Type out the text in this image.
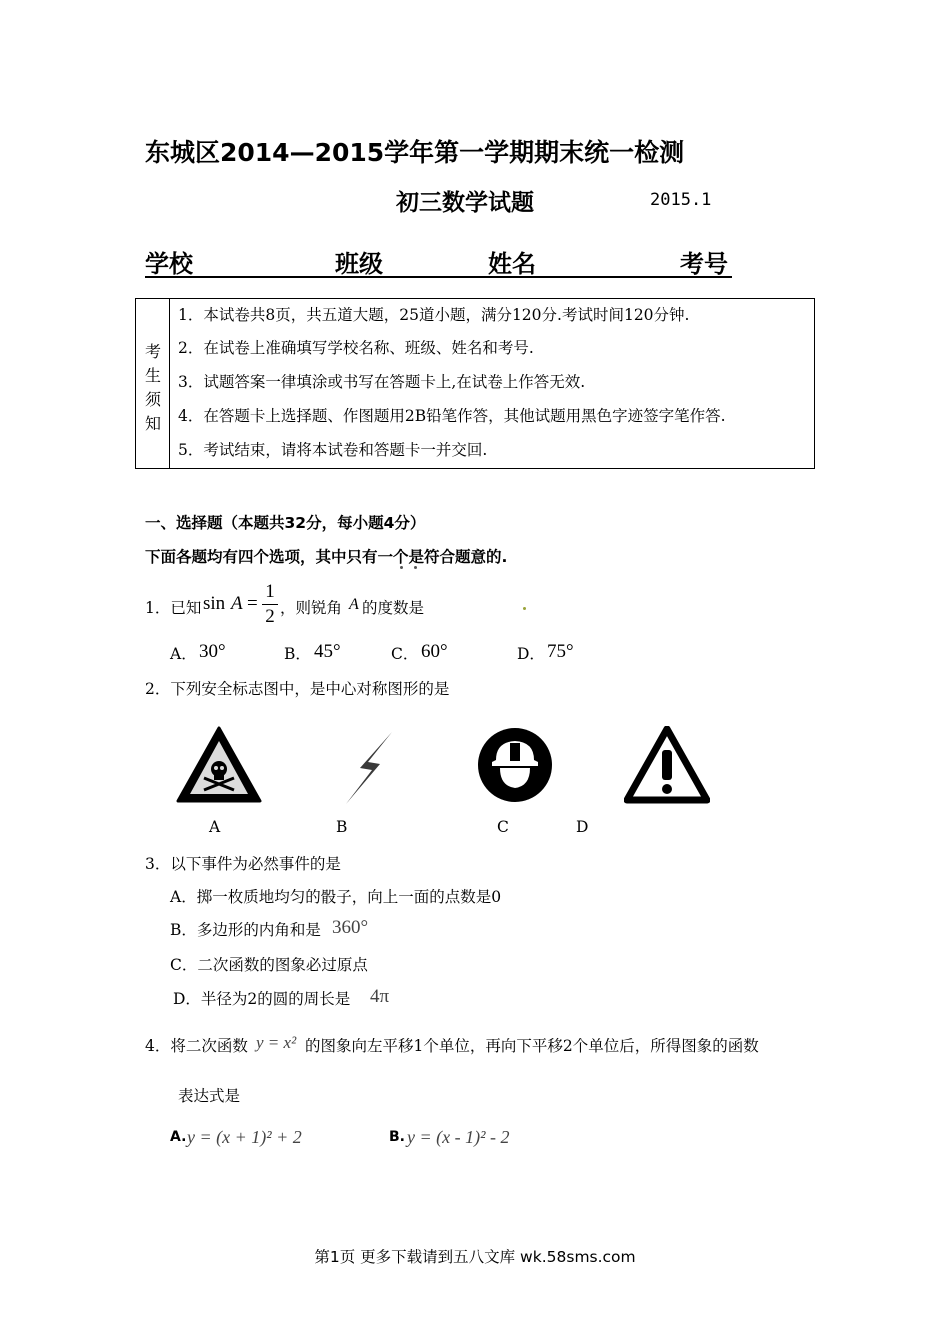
东城区2014—2015学年第一学期期末统一检测
初三数学试题	2015.1
学校	班级	姓名	考号
考
生
须
知
1．本试卷共8页，共五道大题，25道小题，满分120分.考试时间120分钟.
2．在试卷上准确填写学校名称、班级、姓名和考号.
3．试题答案一律填涂或书写在答题卡上,在试卷上作答无效.
4．在答题卡上选择题、作图题用2B铅笔作答，其他试题用黑色字迹签字笔作答.
5．考试结束，请将本试卷和答题卡一并交回.
一、选择题（本题共32分，每小题4分）
下面各题均有四个选项，其中只有一个是符合题意的.
1．已知 sin A =
1
2 ，则锐角 A 的度数是
A． 30°	B． 45°	C． 60°	D． 75°
2．下列安全标志图中，是中心对称图形的是
A	B	C	D
3．以下事件为必然事件的是
A．掷一枚质地均匀的骰子，向上一面的点数是0
B．多边形的内角和是 360°
C．二次函数的图象必过原点
D．半径为2的圆的周长是 4π
4．将二次函数 y = x² 的图象向左平移1个单位，再向下平移2个单位后，所得图象的函数
表达式是
A. y = (x + 1)² + 2	B. y = (x - 1)² - 2
第1页 更多下载请到五八文库 wk.58sms.com
